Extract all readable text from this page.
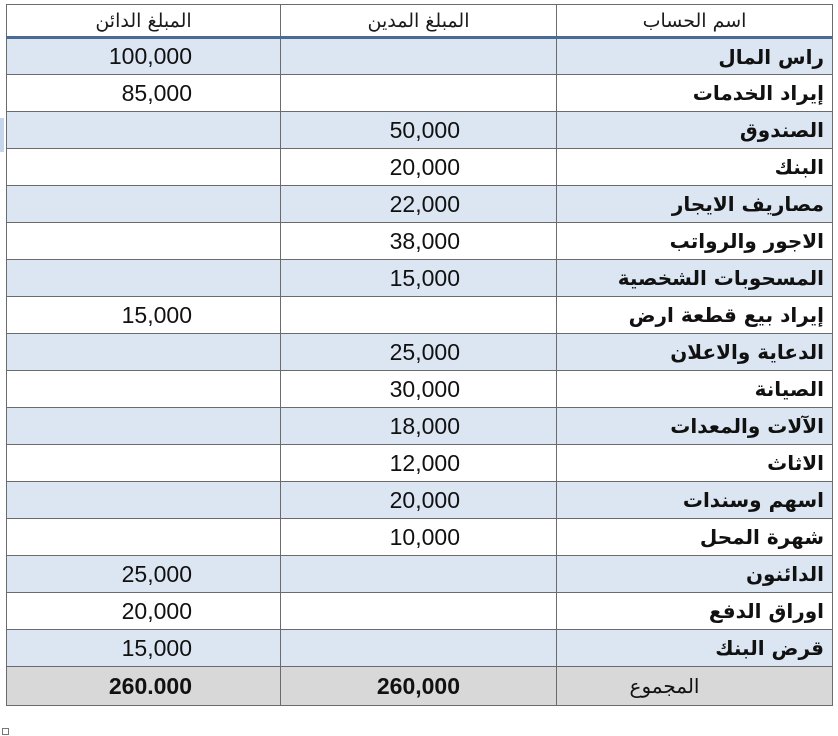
المبلغ الدائن	المبلغ المدين	اسم الحساب
100,000		راس المال
85,000		إيراد الخدمات
	50,000	الصندوق
	20,000	البنك
	22,000	مصاريف الايجار
	38,000	الاجور والرواتب
	15,000	المسحوبات الشخصية
15,000		إيراد بيع قطعة ارض
	25,000	الدعاية والاعلان
	30,000	الصيانة
	18,000	الآلات والمعدات
	12,000	الاثاث
	20,000	اسهم وسندات
	10,000	شهرة المحل
25,000		الدائنون
20,000		اوراق الدفع
15,000		قرض البنك
260.000	260,000	المجموع
